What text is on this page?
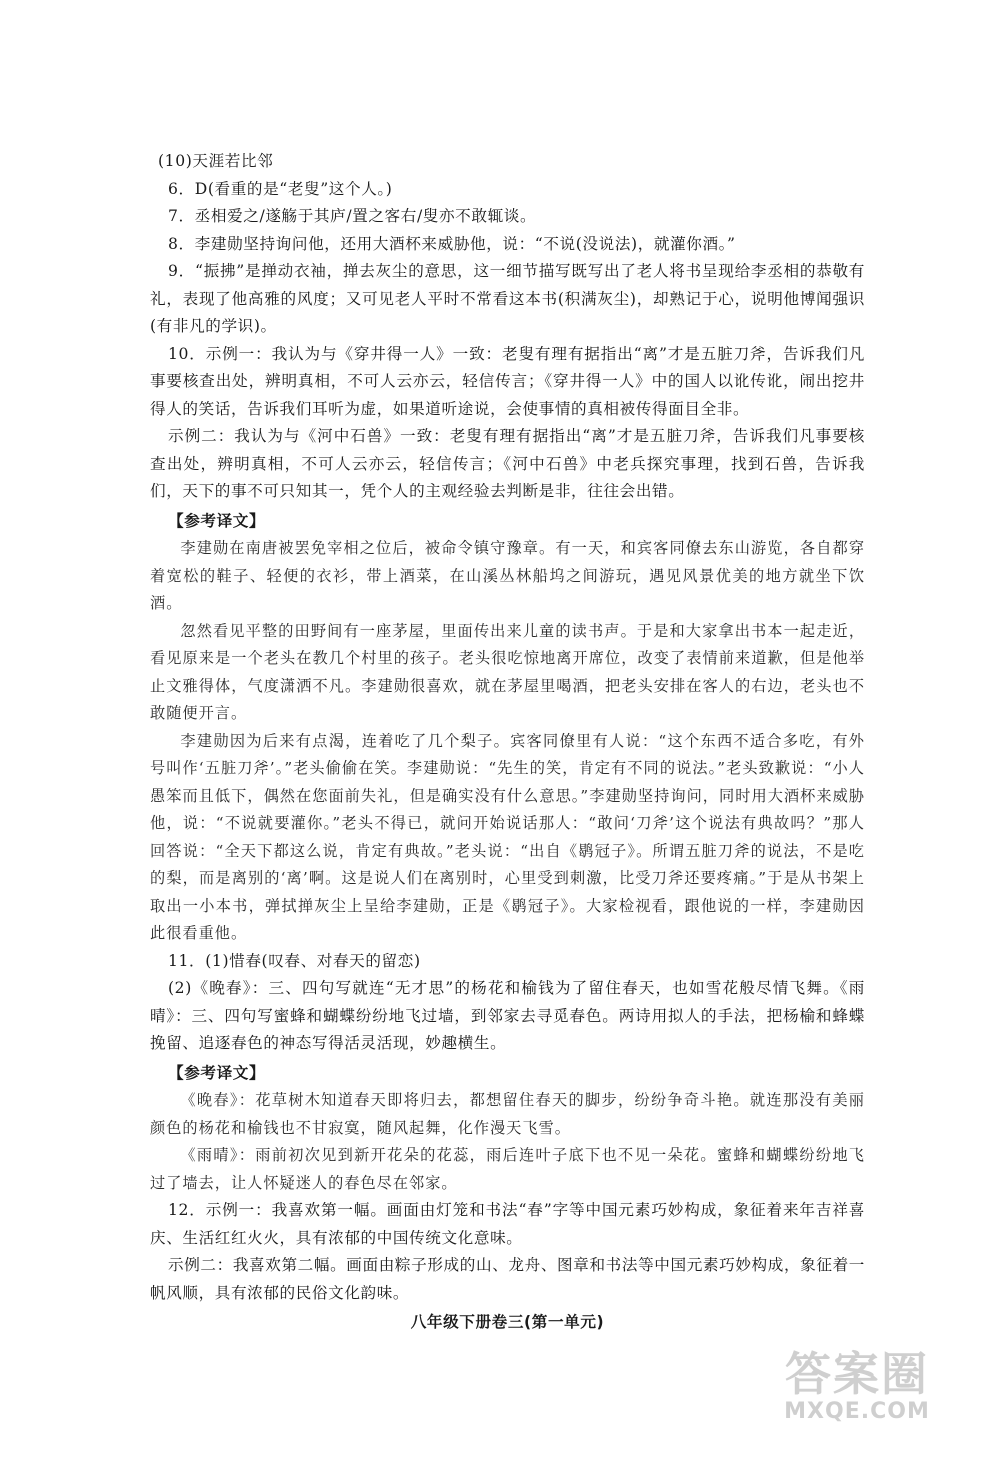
(10)天涯若比邻

6．D(看重的是“老叟”这个人。)

7．丞相爱之/遂觞于其庐/置之客右/叟亦不敢辄谈。

8．李建勋坚持询问他，还用大酒杯来威胁他，说：“不说(没说法)，就灌你酒。”

9．“振拂”是掸动衣袖，掸去灰尘的意思，这一细节描写既写出了老人将书呈现给李丞相的恭敬有礼，表现了他高雅的风度；又可见老人平时不常看这本书(积满灰尘)，却熟记于心，说明他博闻强识(有非凡的学识)。

10．示例一：我认为与《穿井得一人》一致：老叟有理有据指出“离”才是五脏刀斧，告诉我们凡事要核查出处，辨明真相，不可人云亦云，轻信传言；《穿井得一人》中的国人以讹传讹，闹出挖井得人的笑话，告诉我们耳听为虚，如果道听途说，会使事情的真相被传得面目全非。

示例二：我认为与《河中石兽》一致：老叟有理有据指出“离”才是五脏刀斧，告诉我们凡事要核查出处，辨明真相，不可人云亦云，轻信传言；《河中石兽》中老兵探究事理，找到石兽，告诉我们，天下的事不可只知其一，凭个人的主观经验去判断是非，往往会出错。

【参考译文】

李建勋在南唐被罢免宰相之位后，被命令镇守豫章。有一天，和宾客同僚去东山游览，各自都穿着宽松的鞋子、轻便的衣衫，带上酒菜，在山溪丛林船坞之间游玩，遇见风景优美的地方就坐下饮酒。

忽然看见平整的田野间有一座茅屋，里面传出来儿童的读书声。于是和大家拿出书本一起走近，看见原来是一个老头在教几个村里的孩子。老头很吃惊地离开席位，改变了表情前来道歉，但是他举止文雅得体，气度潇洒不凡。李建勋很喜欢，就在茅屋里喝酒，把老头安排在客人的右边，老头也不敢随便开言。

李建勋因为后来有点渴，连着吃了几个梨子。宾客同僚里有人说：“这个东西不适合多吃，有外号叫作‘五脏刀斧’。”老头偷偷在笑。李建勋说：“先生的笑，肯定有不同的说法。”老头致歉说：“小人愚笨而且低下，偶然在您面前失礼，但是确实没有什么意思。”李建勋坚持询问，同时用大酒杯来威胁他，说：“不说就要灌你。”老头不得已，就问开始说话那人：“敢问‘刀斧’这个说法有典故吗？”那人回答说：“全天下都这么说，肯定有典故。”老头说：“出自《鹖冠子》。所谓五脏刀斧的说法，不是吃的梨，而是离别的‘离’啊。这是说人们在离别时，心里受到刺激，比受刀斧还要疼痛。”于是从书架上取出一小本书，弹拭掸灰尘上呈给李建勋，正是《鹖冠子》。大家检视看，跟他说的一样，李建勋因此很看重他。

11．(1)惜春(叹春、对春天的留恋)

(2)《晚春》：三、四句写就连“无才思”的杨花和榆钱为了留住春天，也如雪花般尽情飞舞。《雨晴》：三、四句写蜜蜂和蝴蝶纷纷地飞过墙，到邻家去寻觅春色。两诗用拟人的手法，把杨榆和蜂蝶挽留、追逐春色的神态写得活灵活现，妙趣横生。

【参考译文】

《晚春》：花草树木知道春天即将归去，都想留住春天的脚步，纷纷争奇斗艳。就连那没有美丽颜色的杨花和榆钱也不甘寂寞，随风起舞，化作漫天飞雪。

《雨晴》：雨前初次见到新开花朵的花蕊，雨后连叶子底下也不见一朵花。蜜蜂和蝴蝶纷纷地飞过了墙去，让人怀疑迷人的春色尽在邻家。

12．示例一：我喜欢第一幅。画面由灯笼和书法“春”字等中国元素巧妙构成，象征着来年吉祥喜庆、生活红红火火，具有浓郁的中国传统文化意味。

示例二：我喜欢第二幅。画面由粽子形成的山、龙舟、图章和书法等中国元素巧妙构成，象征着一帆风顺，具有浓郁的民俗文化韵味。

八年级下册卷三(第一单元)

答案圈
MXQE.COM
